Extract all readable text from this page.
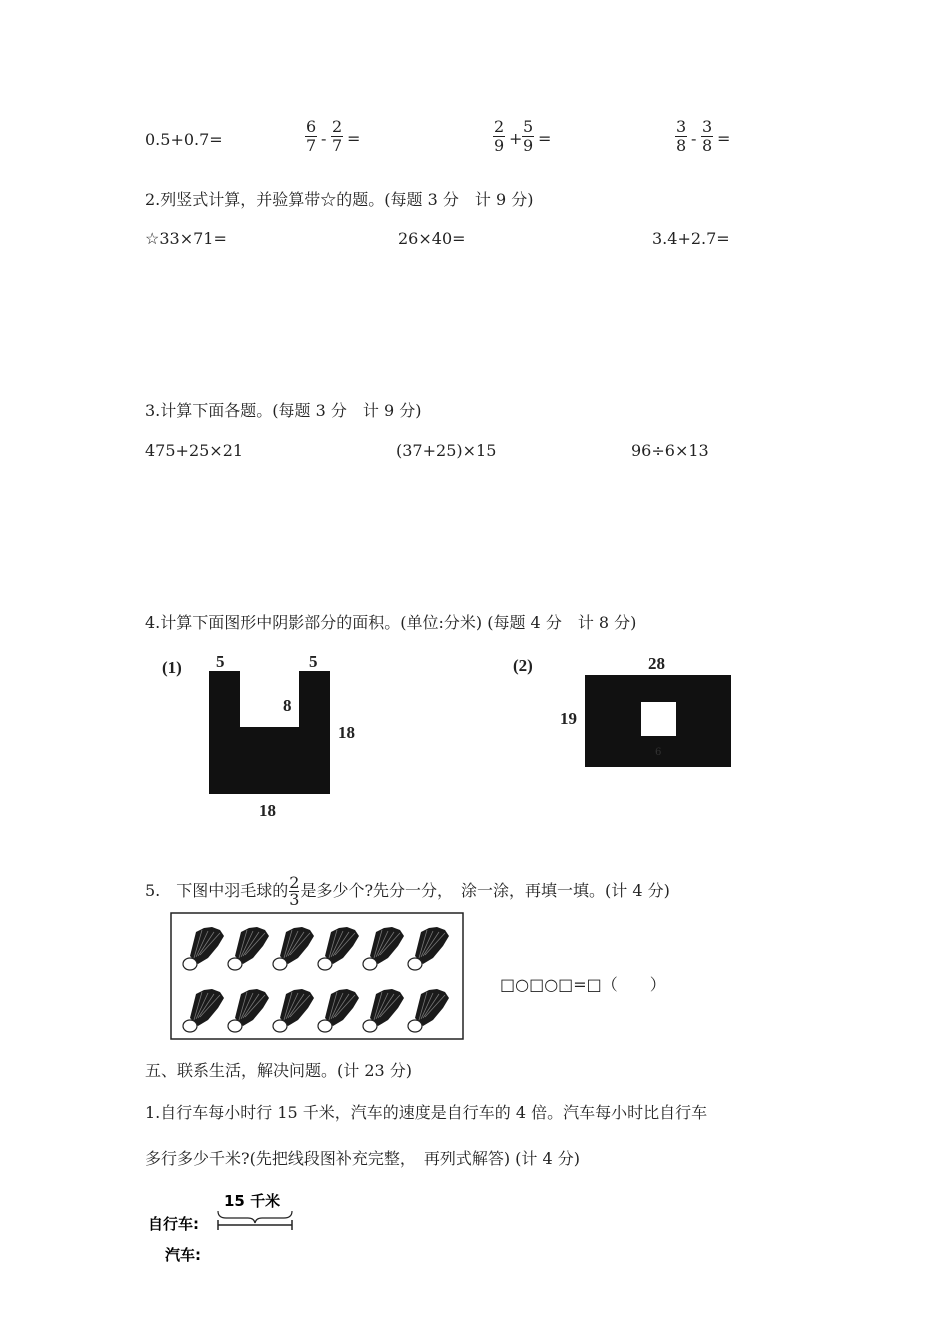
0.5+0.7=	$\frac{6}{7} - \frac{2}{7}$ =	$\frac{2}{9} + \frac{5}{9}$ =	$\frac{3}{8} - \frac{3}{8}$ =
2.列竖式计算，并验算带☆的题。(每题 3 分　计 9 分)
☆33×71=	26×40=	3.4+2.7=
3.计算下面各题。(每题 3 分　计 9 分)
475+25×21	(37+25)×15	96÷6×13
4.计算下面图形中阴影部分的面积。(单位:分米) (每题 4 分　计 8 分)
(1) 5	5
8
18
18
(2)	28
19
6
5.　下图中羽毛球的 $\frac{2}{3}$ 是多少个?先分一分，　涂一涂，再填一填。(计 4 分)
□○□○□=□（　　）
五、联系生活，解决问题。(计 23 分)
1.自行车每小时行 15 千米，汽车的速度是自行车的 4 倍。汽车每小时比自行车
多行多少千米?(先把线段图补充完整，　再列式解答) (计 4 分)
15 千米
自行车:
汽车:
